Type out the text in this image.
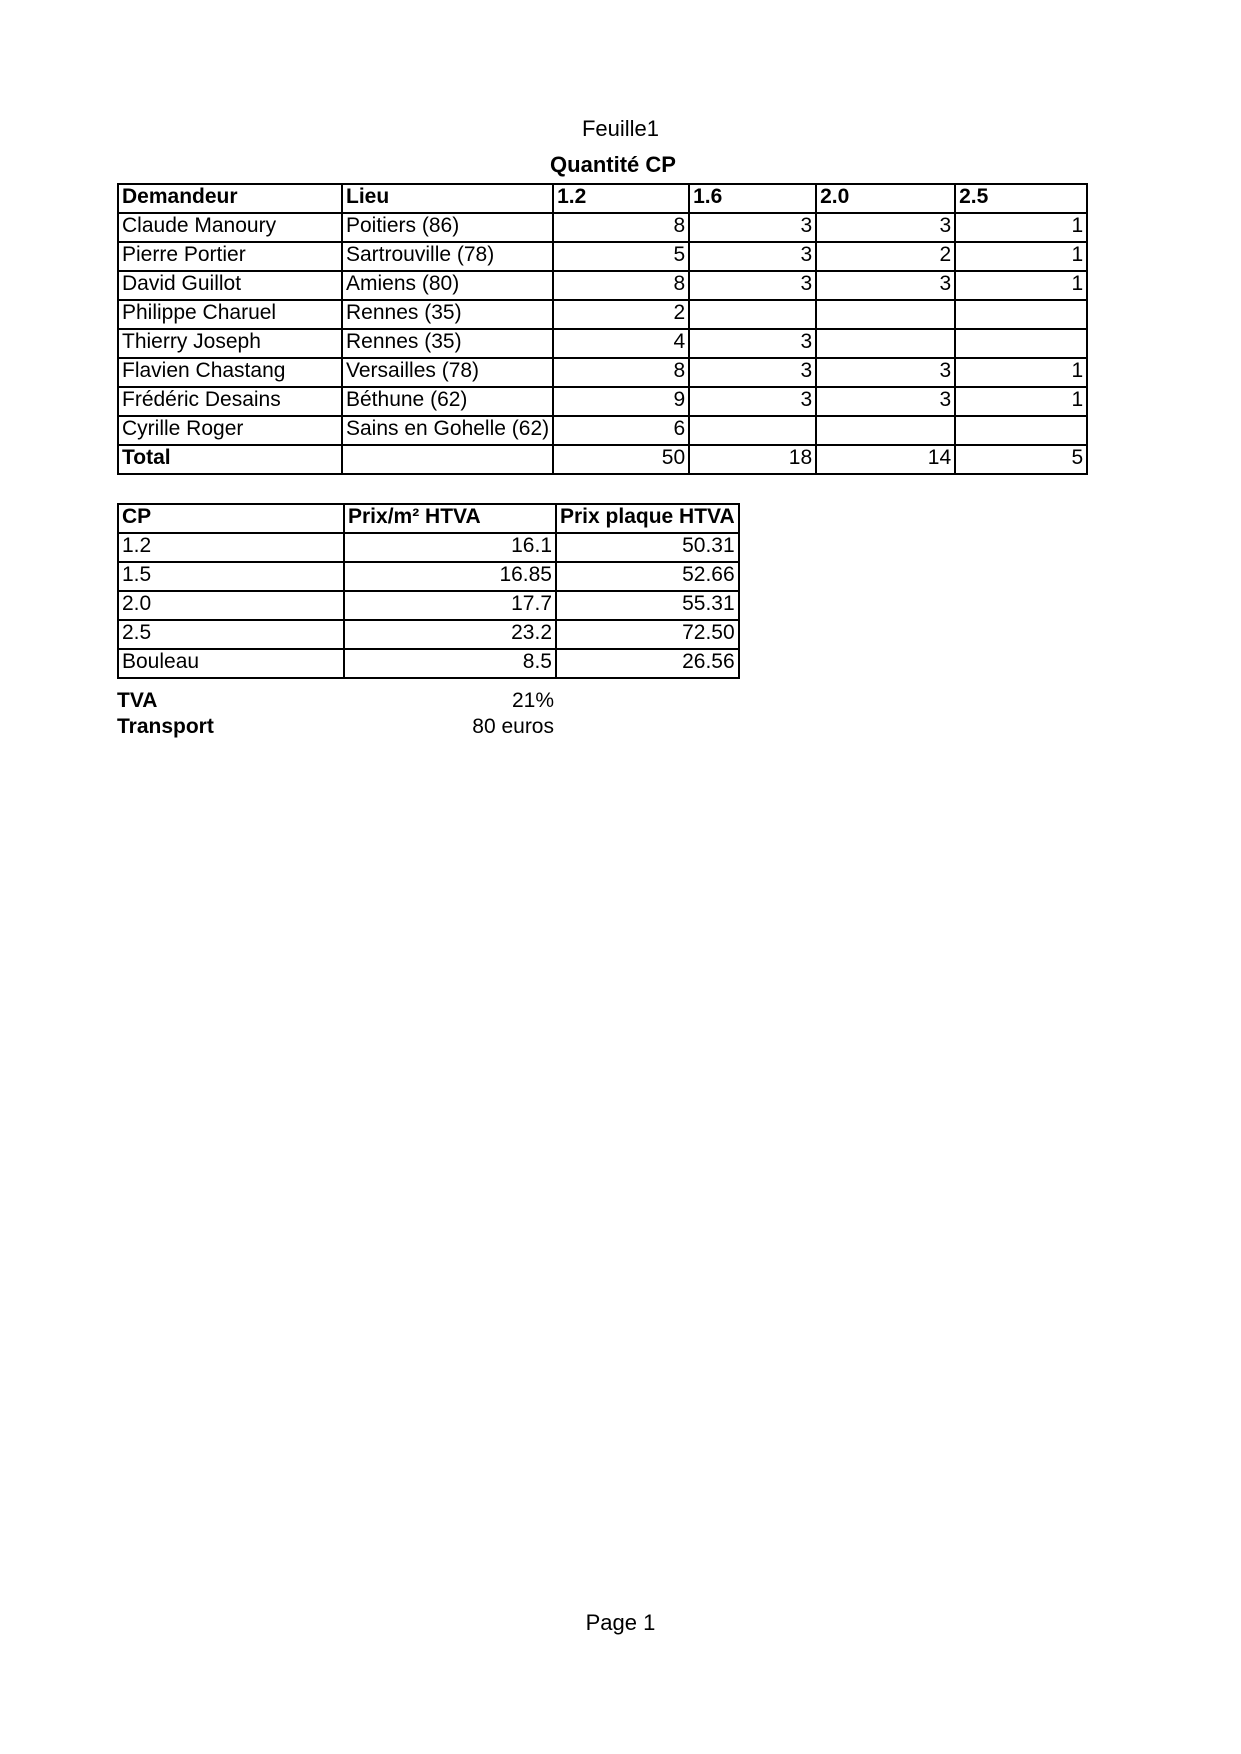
Feuille1
Quantité CP
Demandeur	Lieu	1.2	1.6	2.0	2.5
Claude Manoury	Poitiers (86)	8	3	3	1
Pierre Portier	Sartrouville (78)	5	3	2	1
David Guillot	Amiens (80)	8	3	3	1
Philippe Charuel	Rennes (35)	2			
Thierry Joseph	Rennes (35)	4	3		
Flavien Chastang	Versailles (78)	8	3	3	1
Frédéric Desains	Béthune (62)	9	3	3	1
Cyrille Roger	Sains en Gohelle (62)	6			
Total		50	18	14	5
CP	Prix/m² HTVA	Prix plaque HTVA
1.2	16.1	50.31
1.5	16.85	52.66
2.0	17.7	55.31
2.5	23.2	72.50
Bouleau	8.5	26.56
TVA	21%
Transport	80 euros
Page 1
